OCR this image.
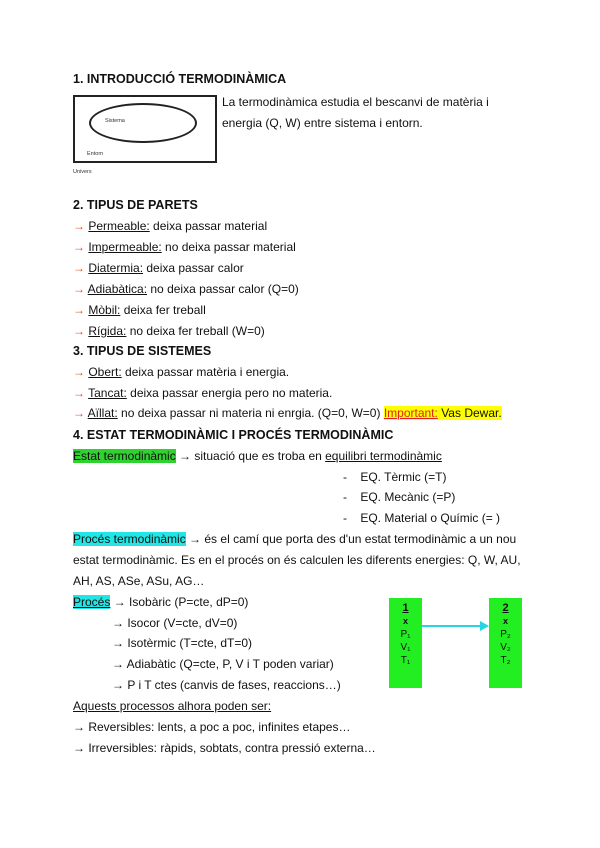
1. INTRODUCCIÓ TERMODINÀMICA
Sistema
Entorn
Univers
La termodinàmica estudia el bescanvi de matèria i
energia (Q, W) entre sistema i entorn.
2. TIPUS DE PARETS
→ Permeable: deixa passar material
→ Impermeable: no deixa passar material
→ Diatermia: deixa passar calor
→ Adiabàtica: no deixa passar calor (Q=0)
→ Mòbil: deixa fer treball
→ Rígida: no deixa fer treball (W=0)
3. TIPUS DE SISTEMES
→ Obert: deixa passar matèria i energia.
→ Tancat: deixa passar energia pero no materia.
→ Aïllat: no deixa passar ni materia ni enrgia. (Q=0, W=0) Important: Vas Dewar.
4. ESTAT TERMODINÀMIC I PROCÉS TERMODINÀMIC
Estat termodinàmic → situació que es troba en equilibri termodinàmic
-    EQ. Tèrmic (=T)
-    EQ. Mecànic (=P)
-    EQ. Material o Químic (= )
Procés termodinàmic → és el camí que porta des d'un estat termodinàmic a un nou
estat termodinàmic. Es en el procés on és calculen les diferents energies: Q, W, AU,
AH, AS, ASe, ASu, AG…
Procés → Isobàric (P=cte, dP=0)
→ Isocor (V=cte, dV=0)
→ Isotèrmic (T=cte, dT=0)
→ Adiabàtic (Q=cte, P, V i T poden variar)
→ P i T ctes (canvis de fases, reaccions…)
Aquests processos alhora poden ser:
→ Reversibles: lents, a poc a poc, infinites etapes…
→ Irreversibles: ràpids, sobtats, contra pressió externa…
1
x
P₁
V₁
T₁
2
x
P₂
V₂
T₂
